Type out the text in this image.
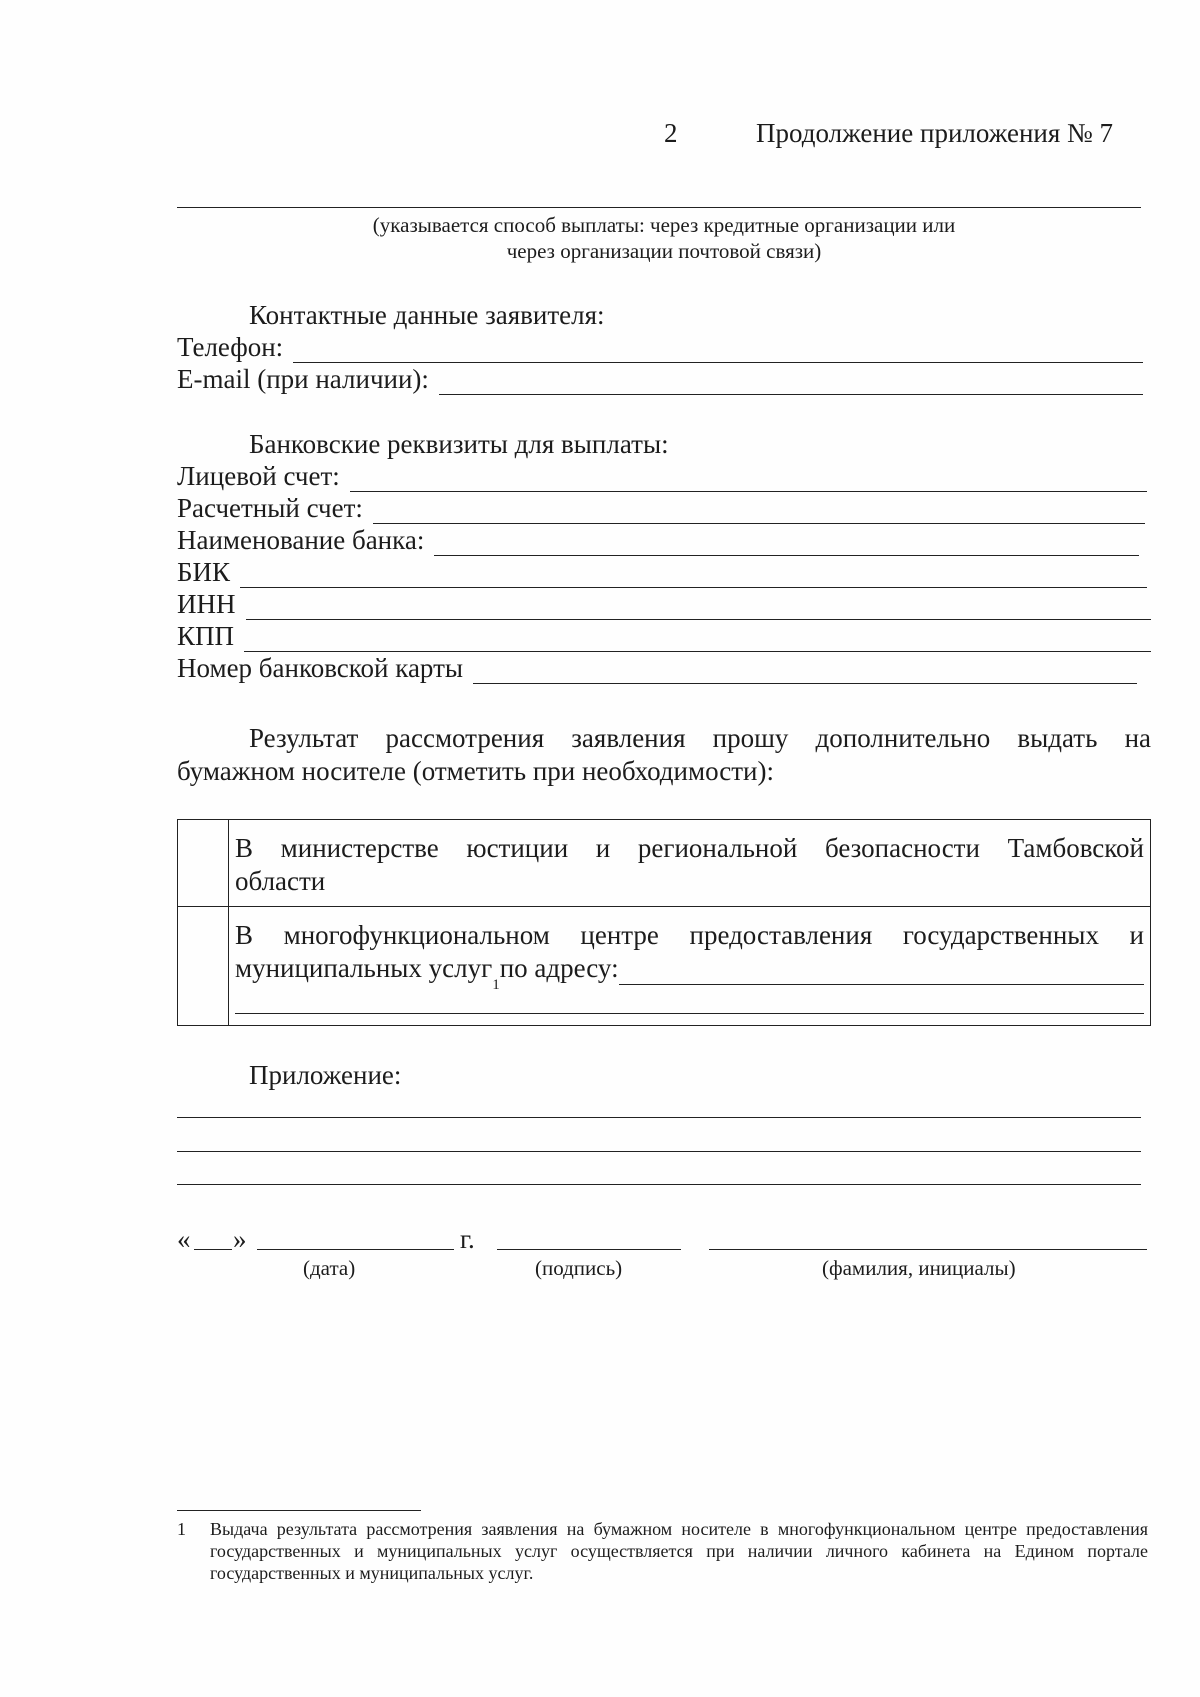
2	Продолжение приложения № 7
(указывается способ выплаты: через кредитные организации или
через организации почтовой связи)
Контактные данные заявителя:
Телефон:
E-mail (при наличии):
Банковские реквизиты для выплаты:
Лицевой счет:
Расчетный счет:
Наименование банка:
БИК
ИНН
КПП
Номер банковской карты
Результат рассмотрения заявления прошу дополнительно выдать на
бумажном носителе (отметить при необходимости):

	В министерстве юстиции и региональной безопасности Тамбовской
области

	В многофункциональном центре предоставления государственных и
муниципальных услуг
1
по адресу:
Приложение:
« »	г.
(дата)	(подпись)	(фамилия, инициалы)
1 Выдача результата рассмотрения заявления на бумажном носителе в многофункциональном центре предоставления государственных и муниципальных услуг осуществляется при наличии личного кабинета на Едином портале государственных и муниципальных услуг.
